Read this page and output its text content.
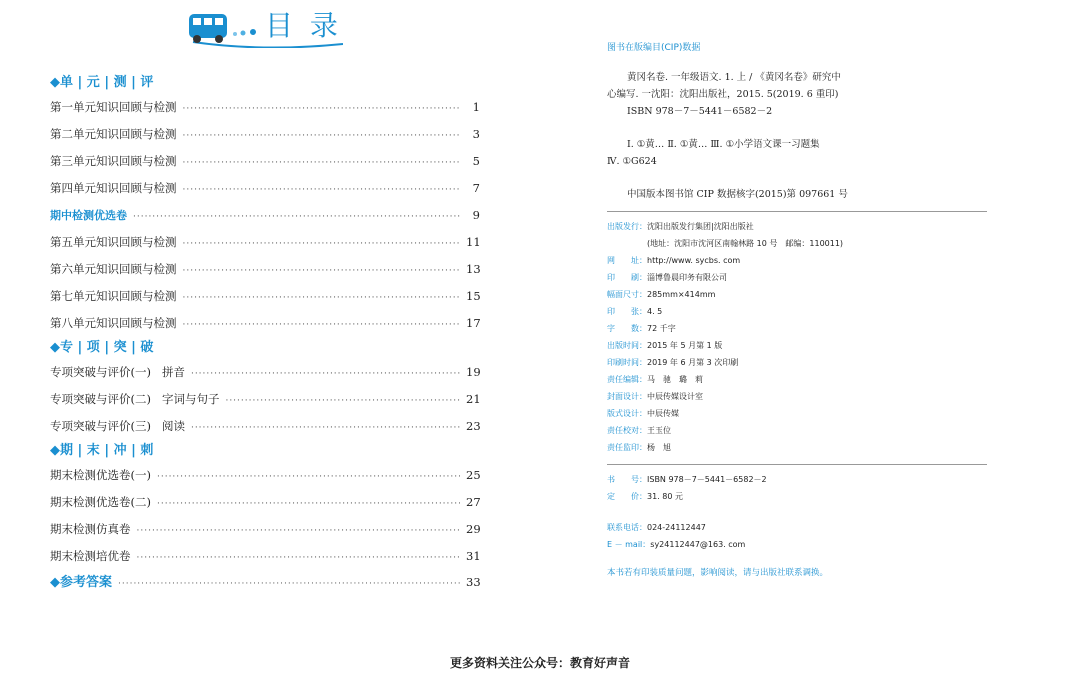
目 录
◆单 | 元 | 测 | 评
第一单元知识回顾与检测 ·····	1
第二单元知识回顾与检测 ·····	3
第三单元知识回顾与检测 ·····	5
第四单元知识回顾与检测 ·····	7
期中检测优选卷 ·····	9
第五单元知识回顾与检测 ·····	11
第六单元知识回顾与检测 ·····	13
第七单元知识回顾与检测 ·····	15
第八单元知识回顾与检测 ·····	17
◆专 | 项 | 突 | 破
专项突破与评价(一)   拼音 ·····	19
专项突破与评价(二)   字词与句子 ·····	21
专项突破与评价(三)   阅读 ·····	23
◆期 | 末 | 冲 | 刺
期末检测优选卷(一) ·····	25
期末检测优选卷(二) ·····	27
期末检测仿真卷 ·····	29
期末检测培优卷 ·····	31
◆参考答案 ·····	33

图书在版编目(CIP)数据

黄冈名卷. 一年级语文. 1. 上 / 《黄冈名卷》研究中

心编写. 一沈阳：沈阳出版社，2015. 5(2019. 6 重印)

ISBN 978－7－5441－6582－2

Ⅰ. ①黄… Ⅱ. ①黄… Ⅲ. ①小学语文课一习题集

Ⅳ. ①G624

中国版本图书馆 CIP 数据核字(2015)第 097661 号

出版发行：沈阳出版发行集团|沈阳出版社
(地址：沈阳市沈河区南翰林路 10 号　邮编：110011)
网　　址：http://www. sycbs. com
印　　刷：淄博鲁晨印务有限公司
幅面尺寸：285mm×414mm
印　　张：4. 5
字　　数：72 千字
出版时间：2015 年 5 月第 1 版
印刷时间：2019 年 6 月第 3 次印刷
责任编辑：马　驰　璐　莉
封面设计：中辰传媒设计室
版式设计：中辰传媒
责任校对：王玉位
责任监印：杨　旭
书　　号：ISBN 978－7－5441－6582－2
定　　价：31. 80 元
联系电话：024-24112447
E － mail：sy24112447@163. com

本书若有印装质量问题，影响阅读，请与出版社联系调换。

更多资料关注公众号：教育好声音
